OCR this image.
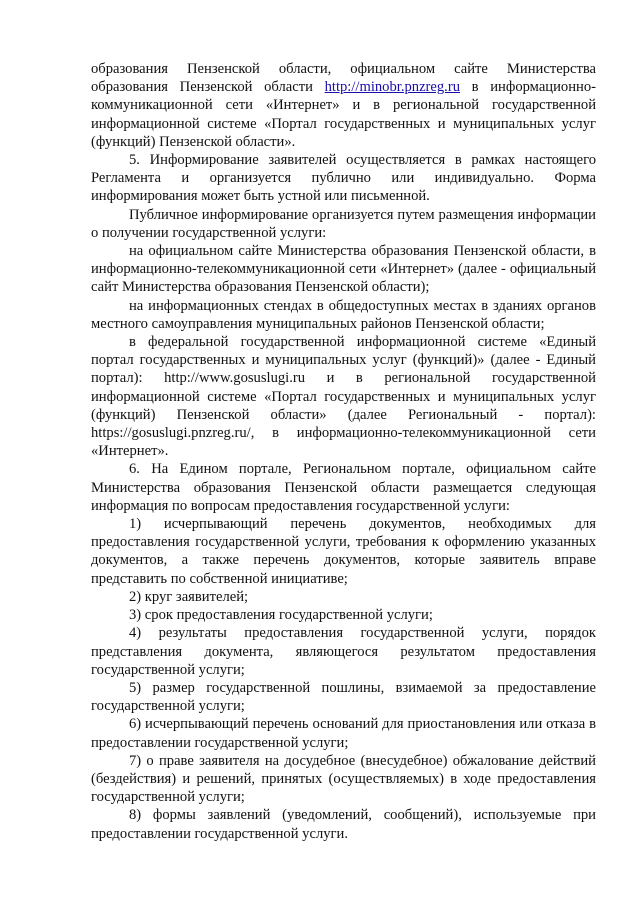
образования Пензенской области, официальном сайте Министерства образования Пензенской области http://minobr.pnzreg.ru в информационно-коммуникационной сети «Интернет» и в региональной государственной информационной системе «Портал государственных и муниципальных услуг (функций) Пензенской области».

5. Информирование заявителей осуществляется в рамках настоящего Регламента и организуется публично или индивидуально. Форма информирования может быть устной или письменной.

Публичное информирование организуется путем размещения информации о получении государственной услуги:

на официальном сайте Министерства образования Пензенской области, в информационно-телекоммуникационной сети «Интернет» (далее - официальный сайт Министерства образования Пензенской области);

на информационных стендах в общедоступных местах в зданиях органов местного самоуправления муниципальных районов Пензенской области;

в федеральной государственной информационной системе «Единый портал государственных и муниципальных услуг (функций)» (далее - Единый портал): http://www.gosuslugi.ru и в региональной государственной информационной системе «Портал государственных и муниципальных услуг (функций) Пензенской области» (далее Региональный - портал): https://gosuslugi.pnzreg.ru/, в информационно-телекоммуникационной сети «Интернет».

6. На Едином портале, Региональном портале, официальном сайте Министерства образования Пензенской области размещается следующая информация по вопросам предоставления государственной услуги:

1) исчерпывающий перечень документов, необходимых для предоставления государственной услуги, требования к оформлению указанных документов, а также перечень документов, которые заявитель вправе представить по собственной инициативе;

2) круг заявителей;

3) срок предоставления государственной услуги;

4) результаты предоставления государственной услуги, порядок представления документа, являющегося результатом предоставления государственной услуги;

5) размер государственной пошлины, взимаемой за предоставление государственной услуги;

6) исчерпывающий перечень оснований для приостановления или отказа в предоставлении государственной услуги;

7) о праве заявителя на досудебное (внесудебное) обжалование действий (бездействия) и решений, принятых (осуществляемых) в ходе предоставления государственной услуги;

8) формы заявлений (уведомлений, сообщений), используемые при предоставлении государственной услуги.
